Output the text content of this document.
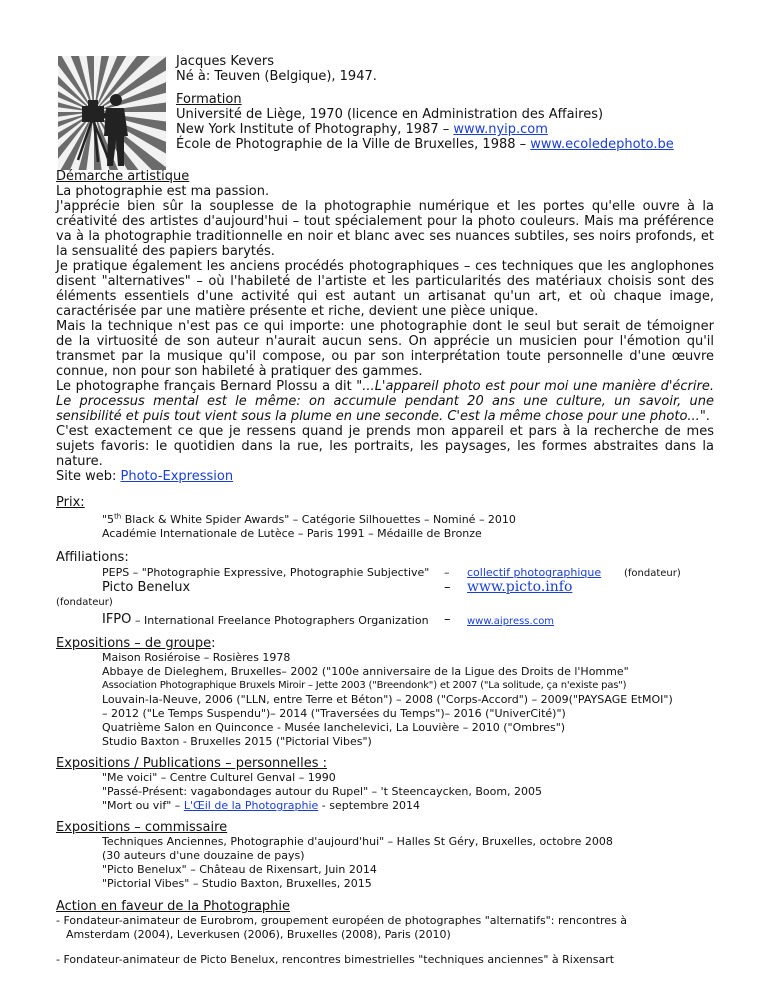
Jacques Kevers
Né à: Teuven (Belgique), 1947.
Formation
Université de Liège, 1970 (licence en Administration des Affaires)
New York Institute of Photography, 1987 – www.nyip.com
École de Photographie de la Ville de Bruxelles, 1988 – www.ecoledephoto.be
Démarche artistique

La photographie est ma passion.

J'apprécie bien sûr la souplesse de la photographie numérique et les portes qu'elle ouvre à la créativité des artistes d'aujourd'hui – tout spécialement pour la photo couleurs. Mais ma préférence va à la photographie traditionnelle en noir et blanc avec ses nuances subtiles, ses noirs profonds, et la sensualité des papiers barytés.

Je pratique également les anciens procédés photographiques – ces techniques que les anglophones disent "alternatives" – où l'habileté de l'artiste et les particularités des matériaux choisis sont des éléments essentiels d'une activité qui est autant un artisanat qu'un art, et où chaque image, caractérisée par une matière présente et riche, devient une pièce unique.

Mais la technique n'est pas ce qui importe: une photographie dont le seul but serait de témoigner de la virtuosité de son auteur n'aurait aucun sens. On apprécie un musicien pour l'émotion qu'il transmet par la musique qu'il compose, ou par son interprétation toute personnelle d'une œuvre connue, non pour son habileté à pratiquer des gammes.

Le photographe français Bernard Plossu a dit "...L'appareil photo est pour moi une manière d'écrire. Le processus mental est le même: on accumule pendant 20 ans une culture, un savoir, une sensibilité et puis tout vient sous la plume en une seconde. C'est la même chose pour une photo...".

C'est exactement ce que je ressens quand je prends mon appareil et pars à la recherche de mes sujets favoris: le quotidien dans la rue, les portraits, les paysages, les formes abstraites dans la nature.

Site web: Photo-Expression

Prix:
"5th Black & White Spider Awards" – Catégorie Silhouettes – Nominé – 2010
Académie Internationale de Lutèce – Paris 1991 – Médaille de Bronze
Affiliations:
PEPS – "Photographie Expressive, Photographie Subjective" – collectif photographique (fondateur)
Picto Benelux	– www.picto.info
(fondateur)
IFPO – International Freelance Photographers Organization – www.aipress.com
Expositions – de groupe:
Maison Rosiéroise – Rosières 1978
Abbaye de Dieleghem, Bruxelles– 2002 ("100e anniversaire de la Ligue des Droits de l'Homme"
Association Photographique Bruxels Miroir – Jette 2003 ("Breendonk") et 2007 ("La solitude, ça n'existe pas")
Louvain-la-Neuve, 2006 ("LLN, entre Terre et Béton") – 2008 ("Corps-Accord") – 2009("PAYSAGE EtMOI")
– 2012 ("Le Temps Suspendu")– 2014 ("Traversées du Temps")– 2016 ("UniverCité)")
Quatrième Salon en Quinconce - Musée Ianchelevici, La Louvière – 2010 ("Ombres")
Studio Baxton - Bruxelles 2015 ("Pictorial Vibes")
Expositions / Publications – personnelles :
"Me voici" – Centre Culturel Genval – 1990
"Passé-Présent: vagabondages autour du Rupel" – 't Steencaycken, Boom, 2005
"Mort ou vif" – L'Œil de la Photographie - septembre 2014
Expositions – commissaire
Techniques Anciennes, Photographie d'aujourd'hui" – Halles St Géry, Bruxelles, octobre 2008
(30 auteurs d'une douzaine de pays)
"Picto Benelux" – Château de Rixensart, Juin 2014
"Pictorial Vibes" – Studio Baxton, Bruxelles, 2015
Action en faveur de la Photographie
- Fondateur-animateur de Eurobrom, groupement européen de photographes "alternatifs": rencontres à
Amsterdam (2004), Leverkusen (2006), Bruxelles (2008), Paris (2010)
- Fondateur-animateur de Picto Benelux, rencontres bimestrielles "techniques anciennes" à Rixensart
